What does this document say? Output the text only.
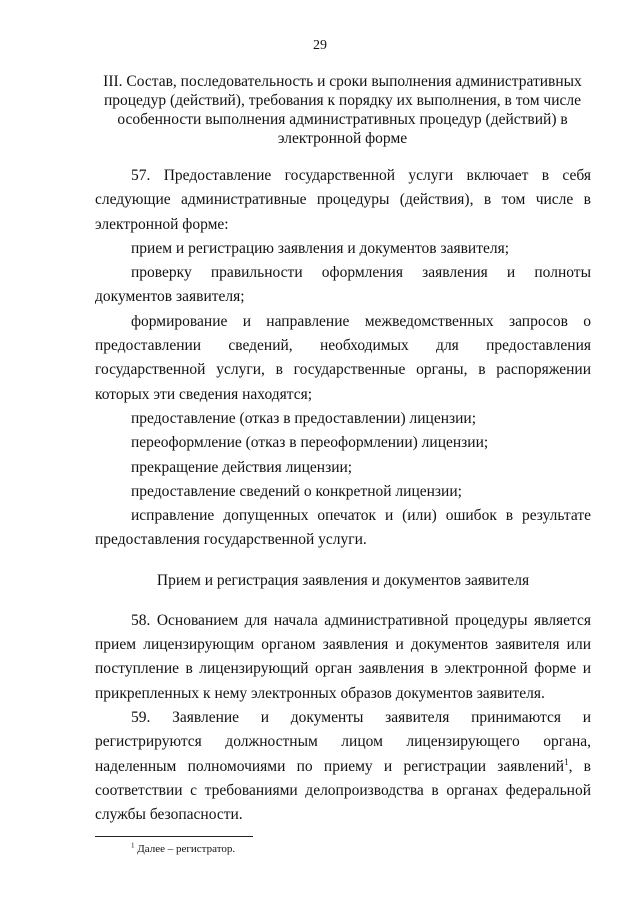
29

III. Состав, последовательность и сроки выполнения административных
процедур (действий), требования к порядку их выполнения, в том числе
особенности выполнения административных процедур (действий) в
электронной форме

57. Предоставление государственной услуги включает в себя следующие административные процедуры (действия), в том числе в электронной форме:

прием и регистрацию заявления и документов заявителя;

проверку правильности оформления заявления и полноты документов заявителя;

формирование и направление межведомственных запросов о предоставлении сведений, необходимых для предоставления государственной услуги, в государственные органы, в распоряжении которых эти сведения находятся;

предоставление (отказ в предоставлении) лицензии;

переоформление (отказ в переоформлении) лицензии;

прекращение действия лицензии;

предоставление сведений о конкретной лицензии;

исправление допущенных опечаток и (или) ошибок в результате предоставления государственной услуги.

Прием и регистрация заявления и документов заявителя

58. Основанием для начала административной процедуры является прием лицензирующим органом заявления и документов заявителя или поступление в лицензирующий орган заявления в электронной форме и прикрепленных к нему электронных образов документов заявителя.

59. Заявление и документы заявителя принимаются и регистрируются должностным лицом лицензирующего органа, наделенным полномочиями по приему и регистрации заявлений$^1$, в соответствии с требованиями делопроизводства в органах федеральной службы безопасности.

$^1$ Далее – регистратор.
